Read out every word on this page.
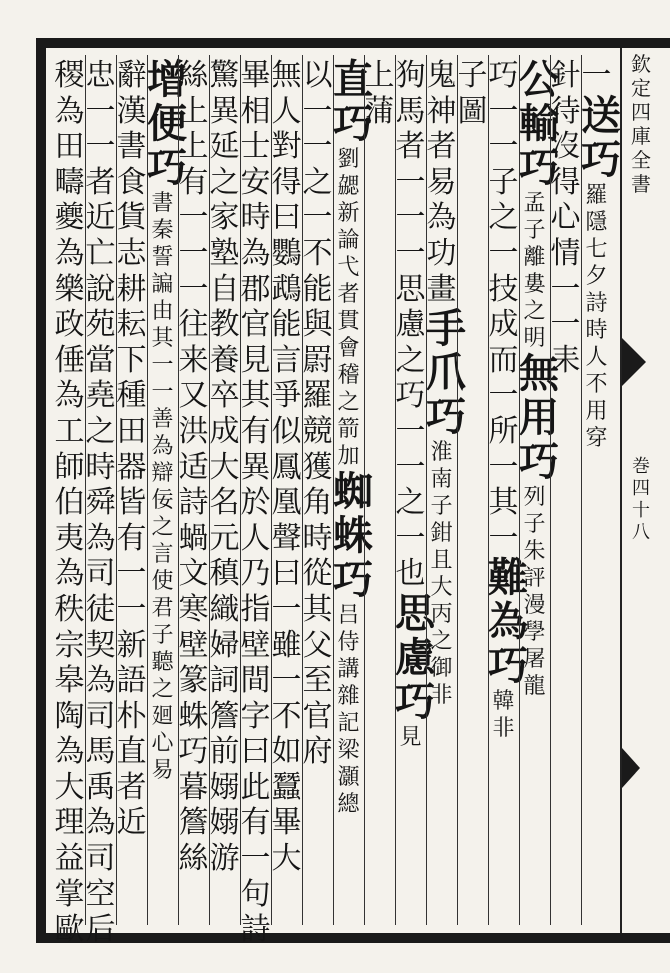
欽定四庫全書
巻四十八
一
送巧
羅隱七夕詩時人不用穿
針待沒得心情一一耒
公輸巧
孟子離婁之明
無用巧
列子朱評漫學屠龍
巧一一子之一
技成而一所一其一
難為巧
韓非
子圖
鬼神者易為功畫
手爪巧
淮南子鉗且大丙之御非
狗馬者一一一
思慮之巧一一之一也
思慮巧
見
上蒲
直巧
劉勰新論弋者貫會稽之箭加
蜘蛛巧
吕侍講雜記梁灝總
以一一之一不能與罻羅競獲
角時從其父至官府
無人對得曰鸚鵡能言爭似鳳凰聲曰一雖一不如蠶畢大
畢相士安時為郡官見其有異於人乃指壁間字曰此有一句詩
驚異延之家塾自教養卒成大名元稹織婦詞簷前嫋嫋游
絲上上有一一一往来又洪适詩蝸文寒壁篆蛛巧暮簷絲
增便巧
書秦誓諞由其一一善為辯佞之言使君子聽之廻心易
辭漢書食貨志耕耘下種田器皆有一一新語朴直者近
忠一一者近亡說苑當堯之時舜為司徒契為司馬禹為司空后
稷為田疇夔為樂政倕為工師伯夷為秩宗皋陶為大理益掌歐
